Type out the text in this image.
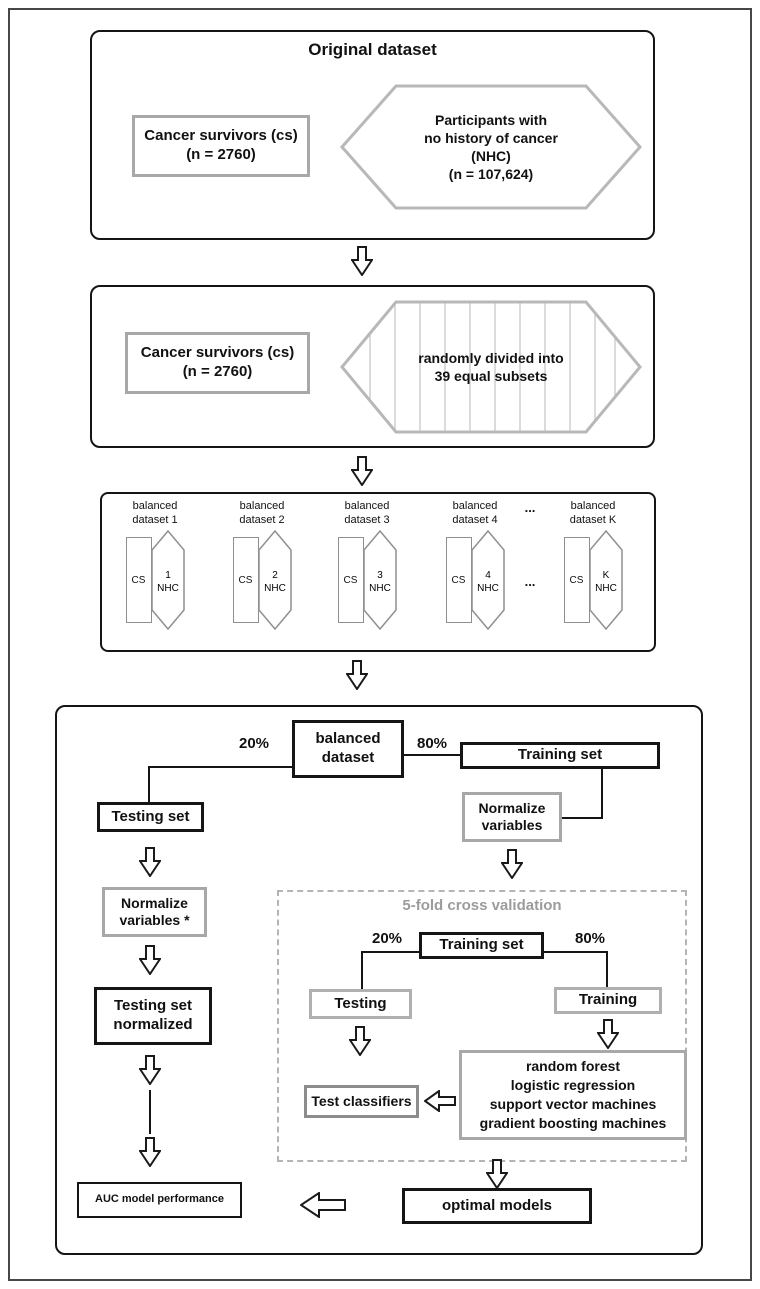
Original dataset
Cancer survivors (cs)
(n = 2760)
Participants with
no history of cancer
(NHC)
(n = 107,624)
Cancer survivors (cs)
(n = 2760)
randomly divided into
39 equal subsets
balanced
dataset 1
CS	1
NHC
balanced
dataset 2
CS	2
NHC
balanced
dataset 3
CS	3
NHC
balanced
dataset 4
CS	4
NHC
...
...
balanced
dataset K
CS	K
NHC
balanced
dataset
80%
Training set
20%
Testing set
Normalize
variables
Normalize
variables *
Testing set
normalized
AUC model performance
5-fold cross validation
Training set
20%	80%
Testing	Training
random forest
logistic regression
support vector machines
gradient boosting machines
Test classifiers
optimal models
